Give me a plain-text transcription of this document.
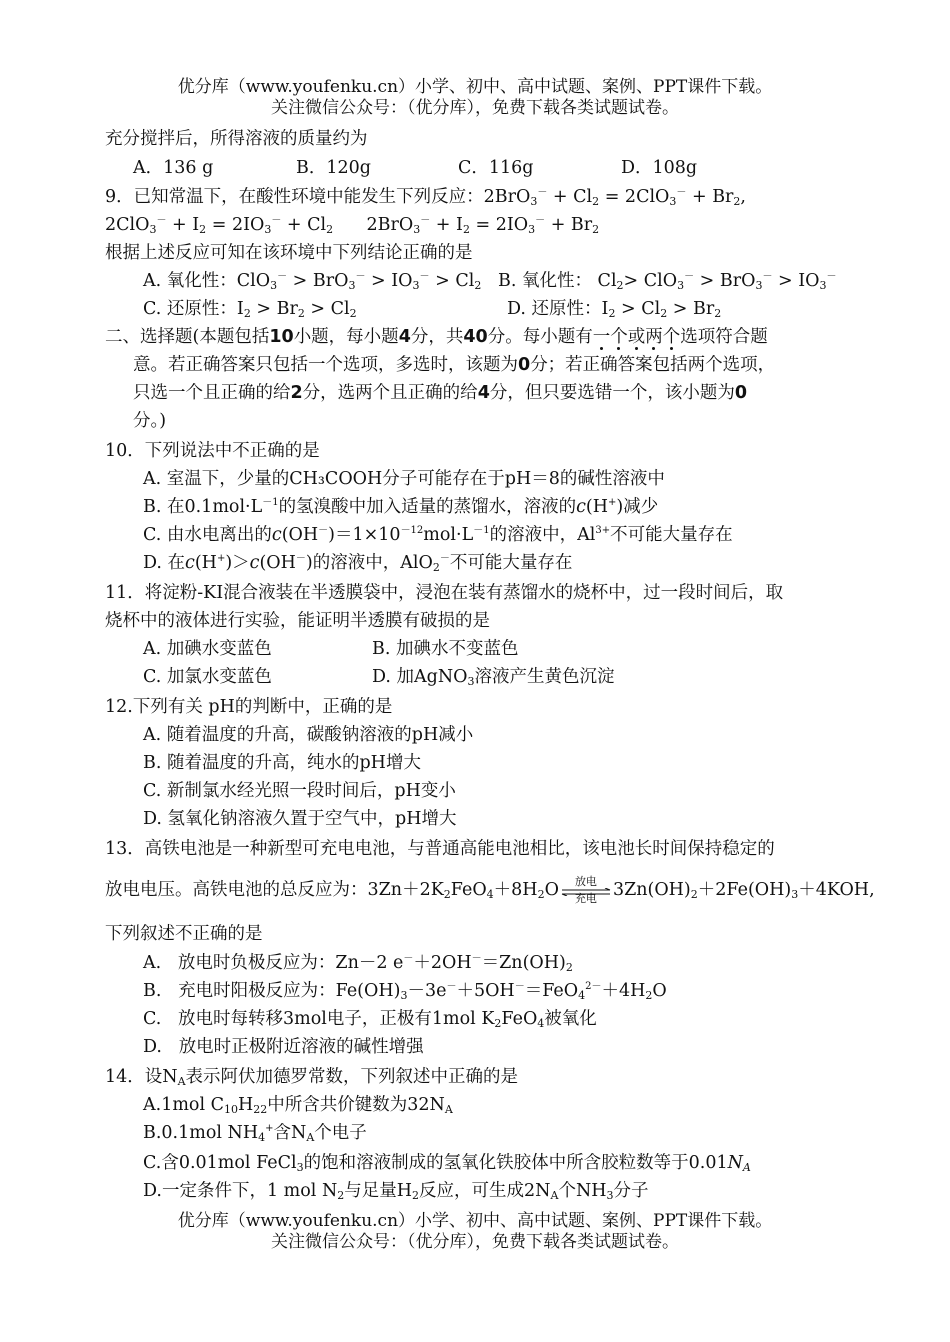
优分库（www.youfenku.cn）小学、初中、高中试题、案例、PPT课件下载。
关注微信公众号：（优分库），免费下载各类试题试卷。
充分搅拌后，所得溶液的质量约为
A．136 g	B．120g	C．116g	D．108g
9．已知常温下，在酸性环境中能发生下列反应：$2BrO_3^- + Cl_2 = 2ClO_3^- + Br_2$,
$2ClO_3^- + I_2 = 2IO_3^- + Cl_2$      $2BrO_3^- + I_2 = 2IO_3^- + Br_2$
根据上述反应可知在该环境中下列结论正确的是
A. 氧化性：$ClO_3^- > BrO_3^- > IO_3^- > Cl_2$ B. 氧化性： $Cl_2> ClO_3^- > BrO_3^- > IO_3^-$
C. 还原性：$I_2 > Br_2 > Cl_2$	D. 还原性：$I_2 > Cl_2 > Br_2$
二、选择题(本题包括10小题，每小题4分，共40分。每小题有一个或两个选项符合题
意。若正确答案只包括一个选项，多选时，该题为0分；若正确答案包括两个选项，
只选一个且正确的给2分，选两个且正确的给4分，但只要选错一个，该小题为0
分。)
10．下列说法中不正确的是
A. 室温下，少量的CH₃COOH分子可能存在于pH＝8的碱性溶液中
B. 在$0.1mol\cdot L^{-1}$的氢溴酸中加入适量的蒸馏水，溶液的c(H+)减少
C. 由水电离出的$c(OH^-)=1\times 10^{-12}mol\cdot L^{-1}$的溶液中，$Al^{3+}$不可能大量存在
D. 在c(H+)＞c(OH－)的溶液中，AlO$_2$－不可能大量存在
11．将淀粉-KI混合液装在半透膜袋中，浸泡在装有蒸馏水的烧杯中，过一段时间后，取
烧杯中的液体进行实验，能证明半透膜有破损的是
A. 加碘水变蓝色	B. 加碘水不变蓝色
C. 加氯水变蓝色	D. 加AgNO$_3$溶液产生黄色沉淀
12.下列有关 pH的判断中，正确的是
A. 随着温度的升高，碳酸钠溶液的pH减小
B. 随着温度的升高，纯水的pH增大
C. 新制氯水经光照一段时间后，pH变小
D. 氢氧化钠溶液久置于空气中，pH增大
13．高铁电池是一种新型可充电电池，与普通高能电池相比，该电池长时间保持稳定的
放电电压。高铁电池的总反应为：$3Zn+2K_2FeO_4+8H_2O$	放电
充电 $3Zn(OH)_2+2Fe(OH)_3+4KOH$,
下列叙述不正确的是
A. 放电时负极反应为：Zn－2 $e^-+2OH^-=Zn(OH)_2$
B. 充电时阳极反应为：$Fe(OH)_3-3e^-+5OH^-=FeO_4^{2-}+4H_2O$
C. 放电时每转移3mol电子，正极有1mol $K_2FeO_4$被氧化
D. 放电时正极附近溶液的碱性增强
14．设$N_A$表示阿伏加德罗常数，下列叙述中正确的是
A.1mol $C_{10}H_{22}$中所含共价键数为$32N_A$
B.0.1mol $NH_4^+$含$N_A$个电子
C.含0.01mol FeCl$_3$的饱和溶液制成的氢氧化铁胶体中所含胶粒数等于$0.01N_A$
D.一定条件下，1 mol $N_2$与足量$H_2$反应，可生成$2N_A$个$NH_3$分子
优分库（www.youfenku.cn）小学、初中、高中试题、案例、PPT课件下载。
关注微信公众号：（优分库），免费下载各类试题试卷。
